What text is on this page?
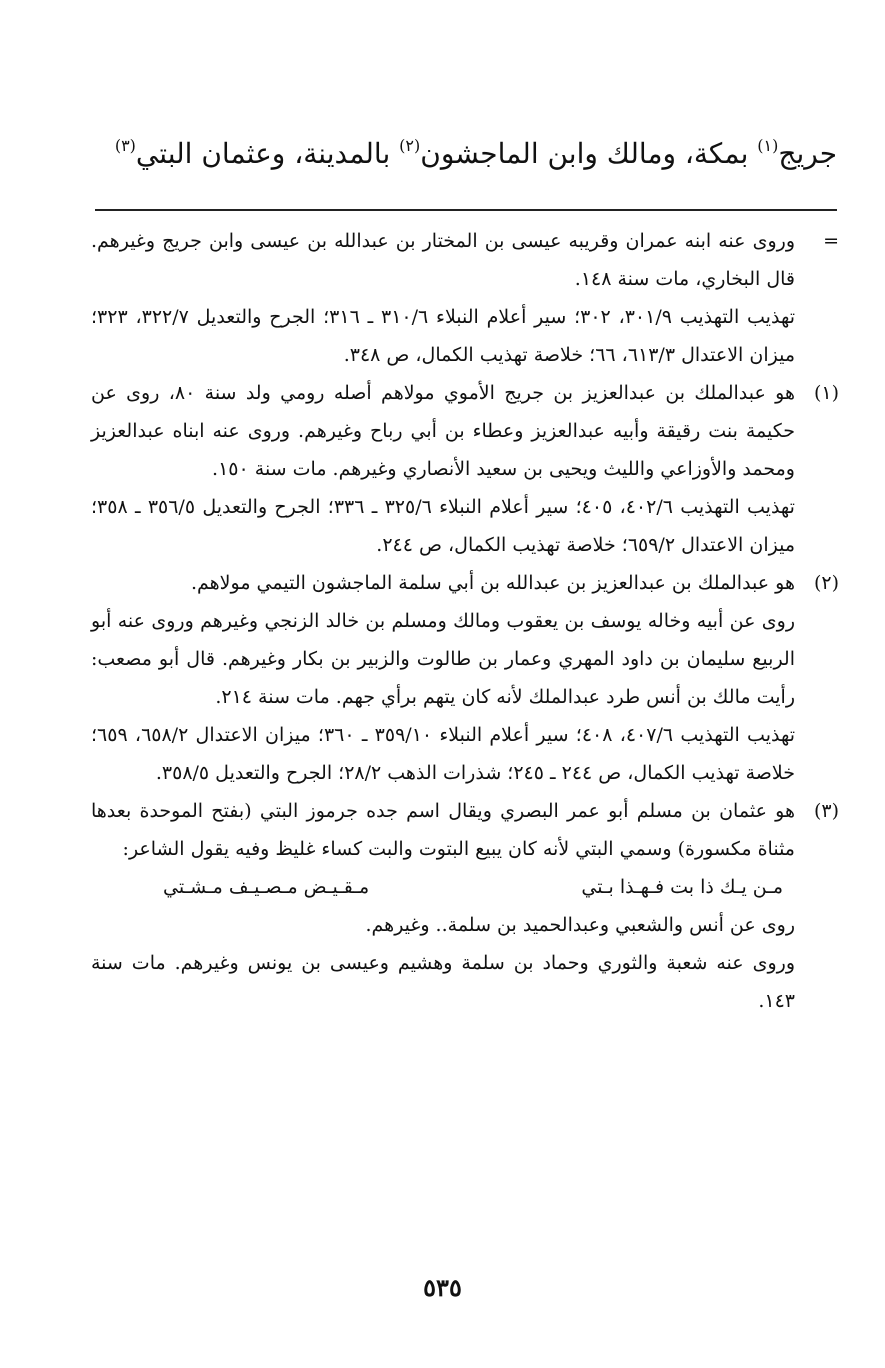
جريج$^{(١)}$ بمكة، ومالك وابن الماجشون$^{(٢)}$ بالمدينة، وعثمان البتي$^{(٣)}$
=

وروى عنه ابنه عمران وقريبه عيسى بن المختار بن عبدالله بن عيسى وابن جريج وغيرهم. قال البخاري، مات سنة ١٤٨.

تهذيب التهذيب ٣٠١/٩، ٣٠٢؛ سير أعلام النبلاء ٣١٠/٦ ـ ٣١٦؛ الجرح والتعديل ٣٢٢/٧، ٣٢٣؛ ميزان الاعتدال ٦١٣/٣، ٦٦؛ خلاصة تهذيب الكمال، ص ٣٤٨.

(١)

هو عبدالملك بن عبدالعزيز بن جريج الأموي مولاهم أصله رومي ولد سنة ٨٠، روى عن حكيمة بنت رقيقة وأبيه عبدالعزيز وعطاء بن أبي رباح وغيرهم. وروى عنه ابناه عبدالعزيز ومحمد والأوزاعي والليث ويحيى بن سعيد الأنصاري وغيرهم. مات سنة ١٥٠.

تهذيب التهذيب ٤٠٢/٦، ٤٠٥؛ سير أعلام النبلاء ٣٢٥/٦ ـ ٣٣٦؛ الجرح والتعديل ٣٥٦/٥ ـ ٣٥٨؛ ميزان الاعتدال ٦٥٩/٢؛ خلاصة تهذيب الكمال، ص ٢٤٤.

(٢)

هو عبدالملك بن عبدالعزيز بن عبدالله بن أبي سلمة الماجشون التيمي مولاهم.

روى عن أبيه وخاله يوسف بن يعقوب ومالك ومسلم بن خالد الزنجي وغيرهم وروى عنه أبو الربيع سليمان بن داود المهري وعمار بن طالوت والزبير بن بكار وغيرهم. قال أبو مصعب: رأيت مالك بن أنس طرد عبدالملك لأنه كان يتهم برأي جهم. مات سنة ٢١٤.

تهذيب التهذيب ٤٠٧/٦، ٤٠٨؛ سير أعلام النبلاء ٣٥٩/١٠ ـ ٣٦٠؛ ميزان الاعتدال ٦٥٨/٢، ٦٥٩؛ خلاصة تهذيب الكمال، ص ٢٤٤ ـ ٢٤٥؛ شذرات الذهب ٢٨/٢؛ الجرح والتعديل ٣٥٨/٥.

(٣)

هو عثمان بن مسلم أبو عمر البصري ويقال اسم جده جرموز البتي (بفتح الموحدة بعدها مثناة مكسورة) وسمي البتي لأنه كان يبيع البتوت والبت كساء غليظ وفيه يقول الشاعر:

مـن يـك ذا بت فـهـذا بـتي
مـقـيـض مـصـيـف مـشـتي

روى عن أنس والشعبي وعبدالحميد بن سلمة.. وغيرهم.

وروى عنه شعبة والثوري وحماد بن سلمة وهشيم وعيسى بن يونس وغيرهم. مات سنة ١٤٣.

٥٣٥
